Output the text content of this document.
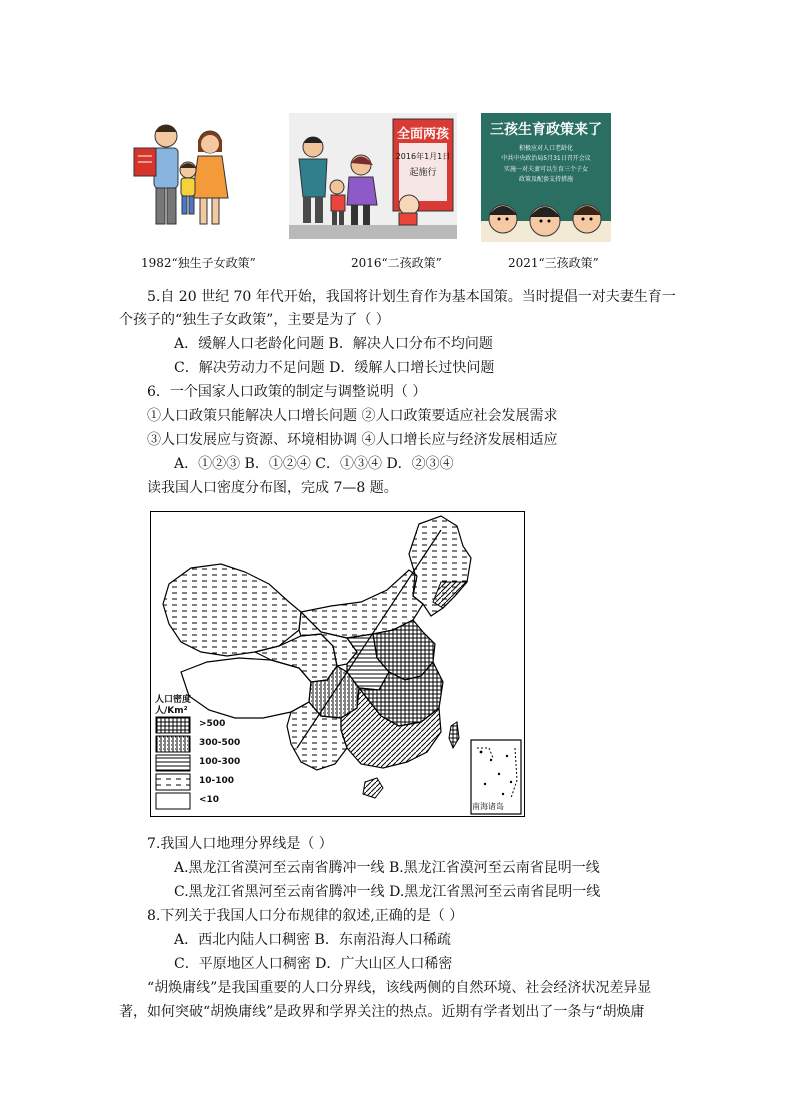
全面两孩
2016年1月1日
起施行
三孩生育政策来了
积极应对人口老龄化
中共中央政治局5月31日召开会议
实施一对夫妻可以生育三个子女
政策及配套支持措施
1982“独生子女政策”	2016“二孩政策”	2021“三孩政策”
5.自 20 世纪 70 年代开始，我国将计划生育作为基本国策。当时提倡一对夫妻生育一
个孩子的“独生子女政策”，主要是为了（ ）
A．缓解人口老龄化问题 B．解决人口分布不均问题
C．解决劳动力不足问题 D．缓解人口增长过快问题
6．一个国家人口政策的制定与调整说明（ ）
①人口政策只能解决人口增长问题 ②人口政策要适应社会发展需求
③人口发展应与资源、环境相协调 ④人口增长应与经济发展相适应
A．①②③ B．①②④ C．①③④ D．②③④
读我国人口密度分布图，完成 7—8 题。
人口密度
人/Km²
>500
300-500
100-300
10-100
<10
南海诸岛
7.我国人口地理分界线是（ ）
A.黑龙江省漠河至云南省腾冲一线 B.黑龙江省漠河至云南省昆明一线
C.黑龙江省黑河至云南省腾冲一线 D.黑龙江省黑河至云南省昆明一线
8.下列关于我国人口分布规律的叙述,正确的是（ ）
A．西北内陆人口稠密 B．东南沿海人口稀疏
C．平原地区人口稠密 D．广大山区人口稀密
“胡焕庸线”是我国重要的人口分界线，该线两侧的自然环境、社会经济状况差异显
著，如何突破“胡焕庸线”是政界和学界关注的热点。近期有学者划出了一条与“胡焕庸
